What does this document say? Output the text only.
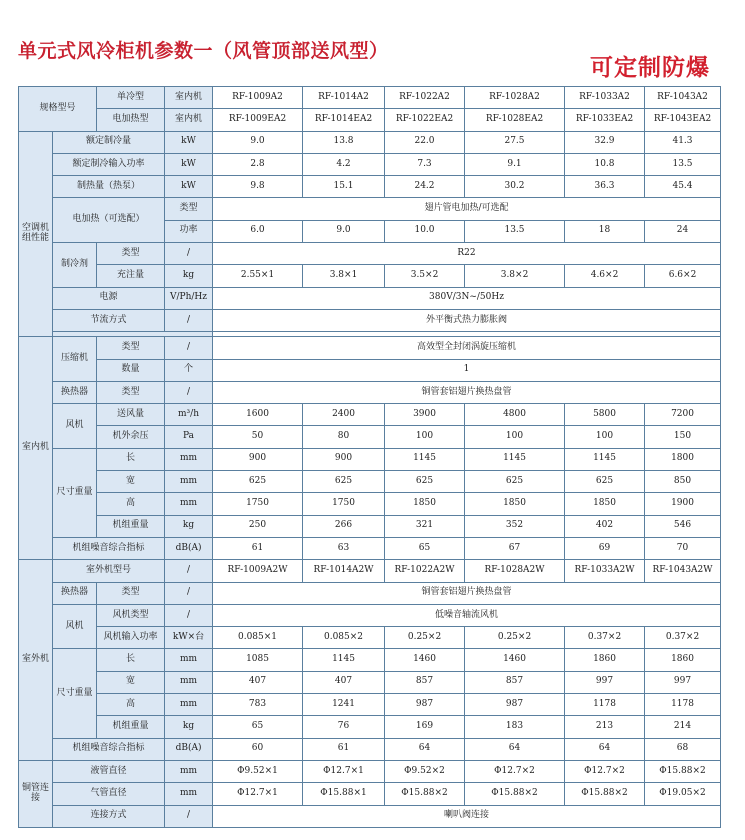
单元式风冷柜机参数一（风管顶部送风型）
可定制防爆
规格型号		单冷型	室内机	RF-1009A2	RF-1014A2	RF-1022A2	RF-1028A2	RF-1033A2	RF-1043A2
		电加热型	室内机	RF-1009EA2	RF-1014EA2	RF-1022EA2	RF-1028EA2	RF-1033EA2	RF-1043EA2
空调机组性能	额定制冷量		kW	9.0	13.8	22.0	27.5	32.9	41.3
	额定制冷输入功率		kW	2.8	4.2	7.3	9.1	10.8	13.5
	制热量（热泵）		kW	9.8	15.1	24.2	30.2	36.3	45.4
	电加热（可选配）		类型	翅片管电加热/可选配					
			功率	6.0	9.0	10.0	13.5	18	24
	制冷剂	类型	/	R22					
		充注量	kg	2.55×1	3.8×1	3.5×2	3.8×2	4.6×2	6.6×2
	电源		V/Ph/Hz	380V/3N~/50Hz					
	节流方式		/	外平衡式热力膨胀阀					

室内机	压缩机	类型	/	高效型全封闭涡旋压缩机					
		数量	个	1					
	换热器	类型	/	铜管套铝翅片换热盘管					
	风机	送风量	m³/h	1600	2400	3900	4800	5800	7200
		机外余压	Pa	50	80	100	100	100	150
	尺寸重量	长	mm	900	900	1145	1145	1145	1800
		宽	mm	625	625	625	625	625	850
		高	mm	1750	1750	1850	1850	1850	1900
		机组重量	kg	250	266	321	352	402	546
	机组噪音综合指标		dB(A)	61	63	65	67	69	70
室外机	室外机型号		/	RF-1009A2W	RF-1014A2W	RF-1022A2W	RF-1028A2W	RF-1033A2W	RF-1043A2W
	换热器	类型	/	铜管套铝翅片换热盘管					
	风机	风机类型	/	低噪音轴流风机					
		风机输入功率	kW×台	0.085×1	0.085×2	0.25×2	0.25×2	0.37×2	0.37×2
	尺寸重量	长	mm	1085	1145	1460	1460	1860	1860
		宽	mm	407	407	857	857	997	997
		高	mm	783	1241	987	987	1178	1178
		机组重量	kg	65	76	169	183	213	214
	机组噪音综合指标		dB(A)	60	61	64	64	64	68
铜管连接	液管直径		mm	Φ9.52×1	Φ12.7×1	Φ9.52×2	Φ12.7×2	Φ12.7×2	Φ15.88×2
	气管直径		mm	Φ12.7×1	Φ15.88×1	Φ15.88×2	Φ15.88×2	Φ15.88×2	Φ19.05×2
	连接方式		/	喇叭阀连接					
